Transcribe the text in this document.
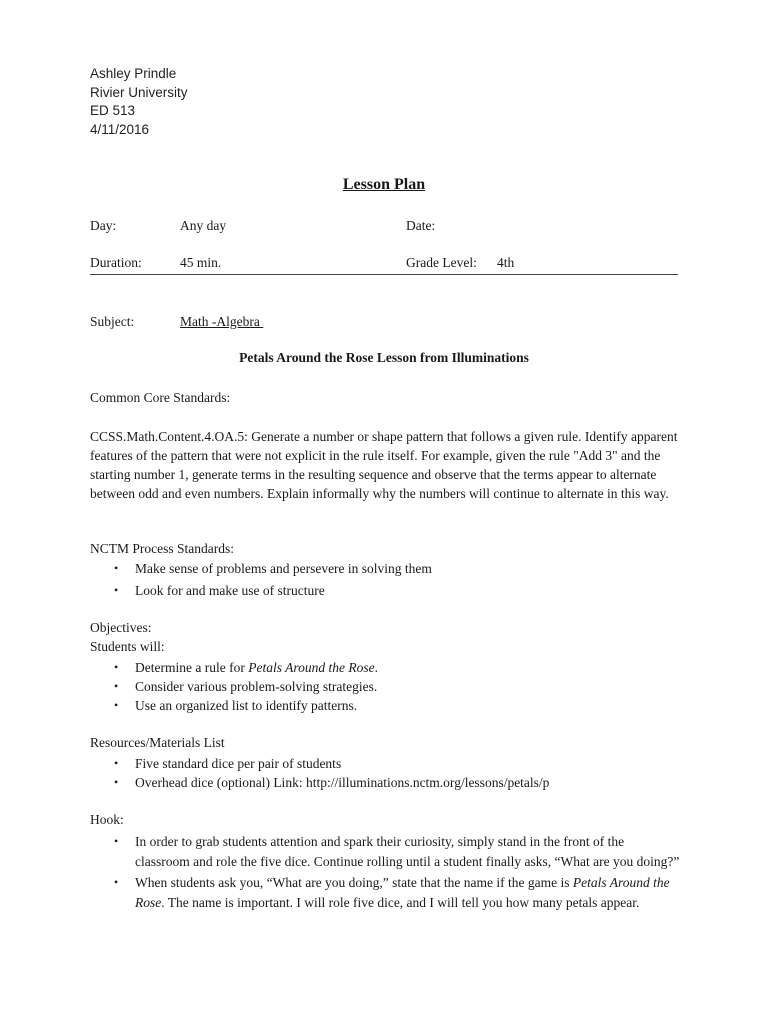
Ashley Prindle
Rivier University
ED 513
4/11/2016
Lesson Plan
Day:	Any day	Date:
Duration:	45 min.	Grade Level: 4th
Subject:	Math -Algebra
Petals Around the Rose Lesson from Illuminations
Common Core Standards:

CCSS.Math.Content.4.OA.5: Generate a number or shape pattern that follows a given rule. Identify apparent features of the pattern that were not explicit in the rule itself. For example, given the rule "Add 3" and the starting number 1, generate terms in the resulting sequence and observe that the terms appear to alternate between odd and even numbers. Explain informally why the numbers will continue to alternate in this way.

NCTM Process Standards:
• Make sense of problems and persevere in solving them
• Look for and make use of structure
Objectives:
Students will:
• Determine a rule for Petals Around the Rose.
• Consider various problem-solving strategies.
• Use an organized list to identify patterns.
Resources/Materials List
• Five standard dice per pair of students
• Overhead dice (optional) Link: http://illuminations.nctm.org/lessons/petals/p
Hook:
• In order to grab students attention and spark their curiosity, simply stand in the front of the classroom and role the five dice. Continue rolling until a student finally asks, “What are you doing?”
• When students ask you, “What are you doing,” state that the name if the game is Petals Around the Rose. The name is important. I will role five dice, and I will tell you how many petals appear.
